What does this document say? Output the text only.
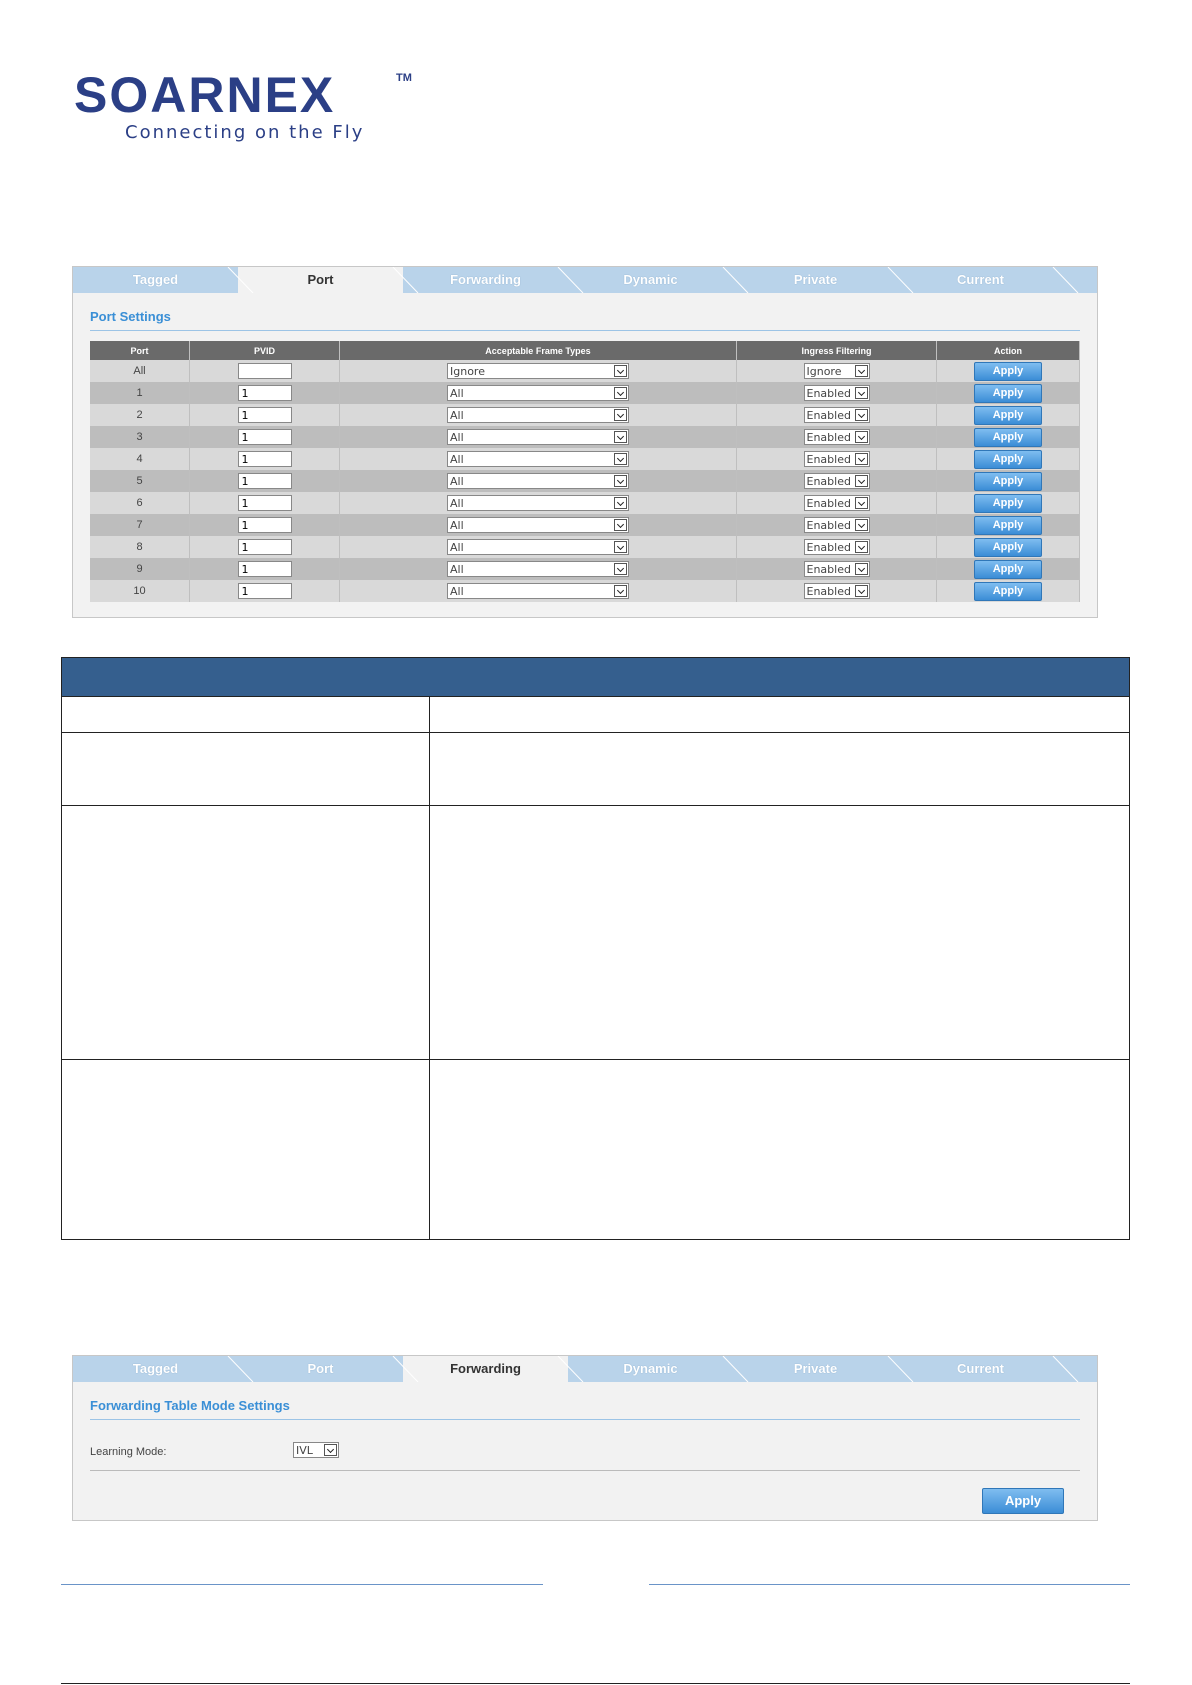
SOARNEX	TM
Connecting on the Fly
Tagged	Port	Forwarding	Dynamic	Private	Current
Port Settings
Port	PVID	Acceptable Frame Types	Ingress Filtering	Action
All		Ignore	Ignore	Apply
1	1	All	Enabled	Apply
2	1	All	Enabled	Apply
3	1	All	Enabled	Apply
4	1	All	Enabled	Apply
5	1	All	Enabled	Apply
6	1	All	Enabled	Apply
7	1	All	Enabled	Apply
8	1	All	Enabled	Apply
9	1	All	Enabled	Apply
10	1	All	Enabled	Apply

Tagged	Port	Forwarding	Dynamic	Private	Current
Forwarding Table Mode Settings
Learning Mode:	IVL
Apply
